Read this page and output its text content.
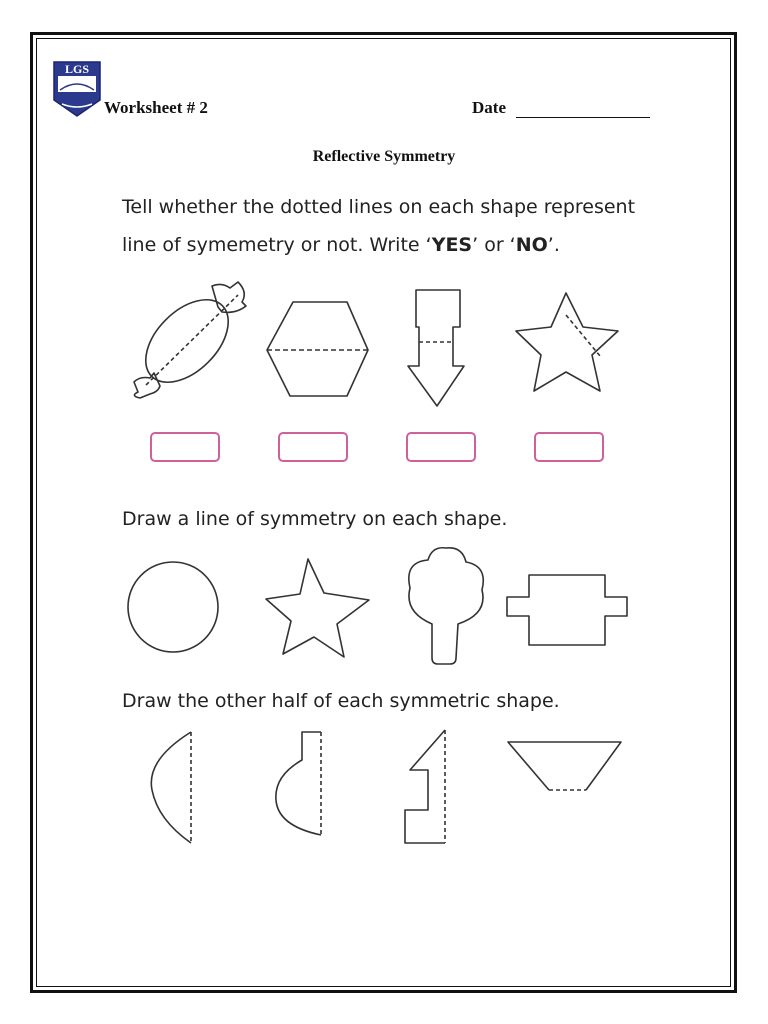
LGS
Worksheet # 2	Date
Reflective Symmetry
Tell whether the dotted lines on each shape represent
line of symemetry or not. Write ‘YES’ or ‘NO’.
Draw a line of symmetry on each shape.
Draw the other half of each symmetric shape.
